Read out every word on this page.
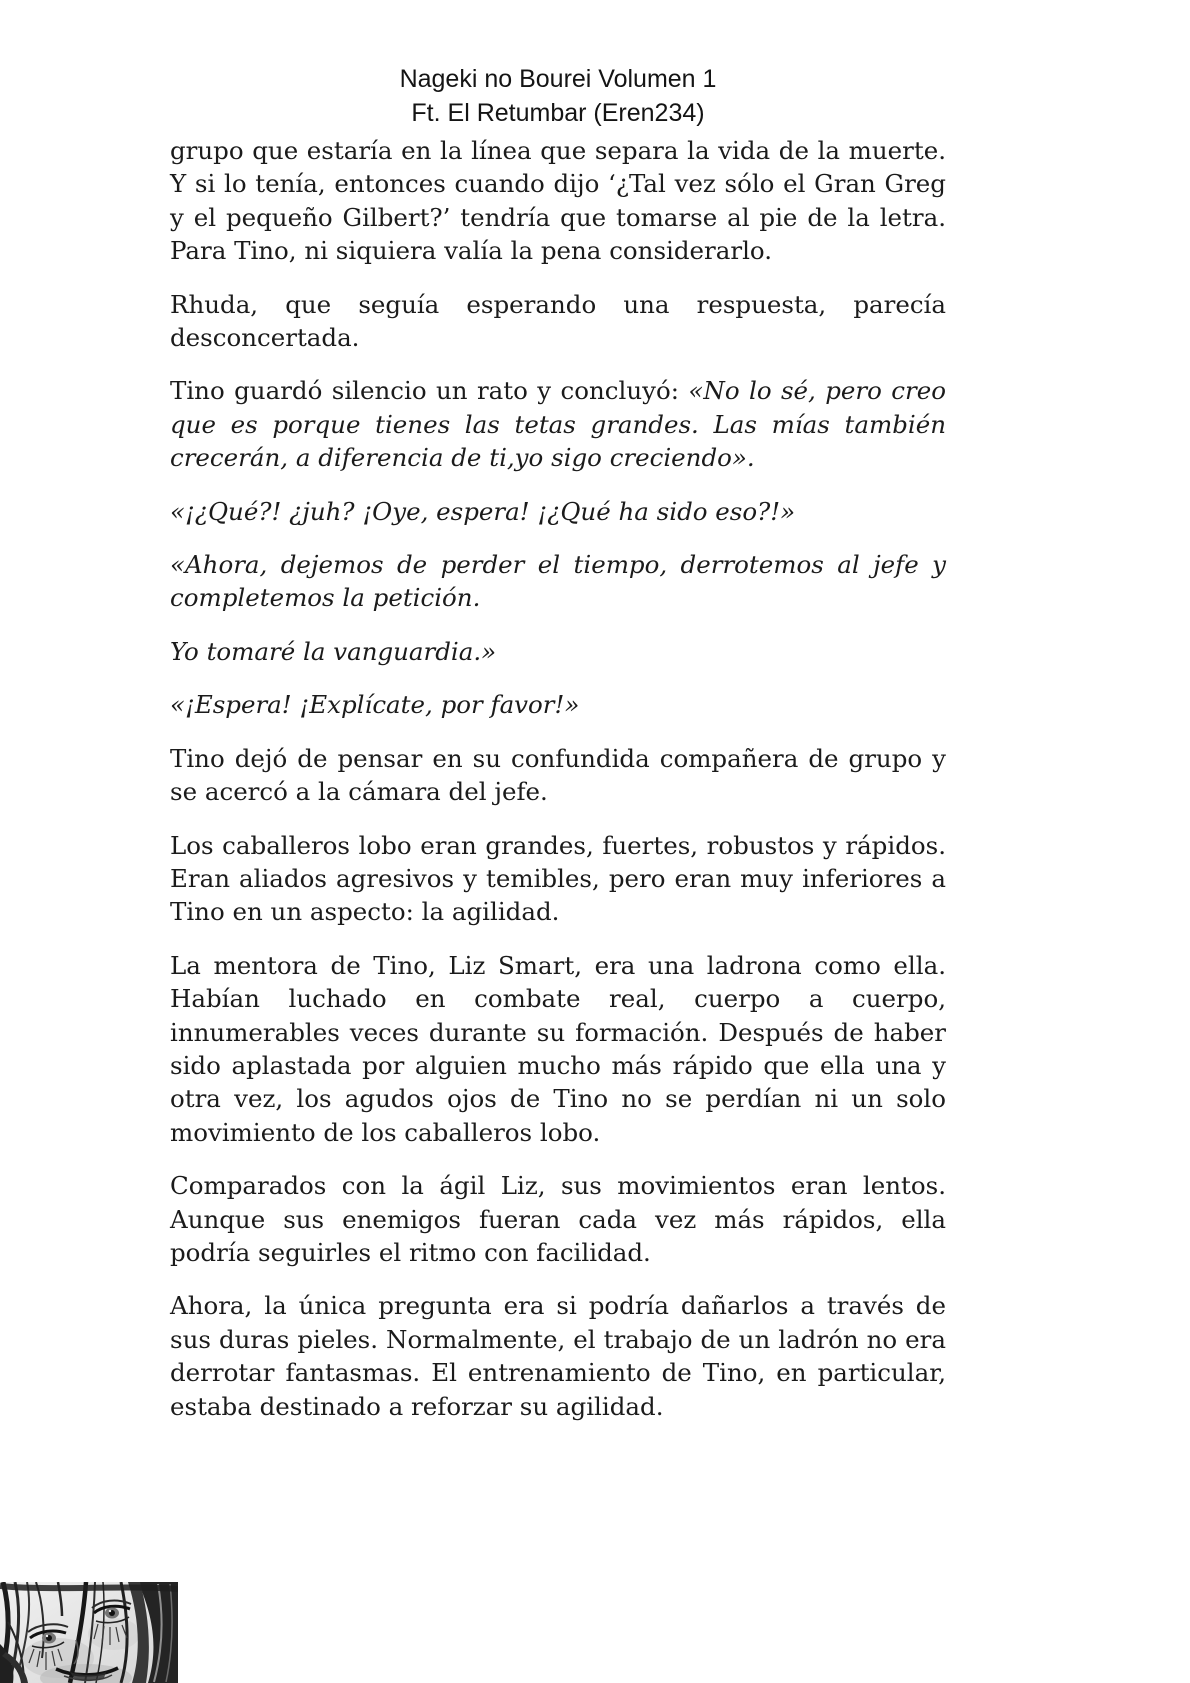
Nageki no Bourei Volumen 1
Ft. El Retumbar (Eren234)

grupo que estaría en la línea que separa la vida de la muerte. Y si lo tenía, entonces cuando dijo ‘¿Tal vez sólo el Gran Greg y el pequeño Gilbert?’ tendría que tomarse al pie de la letra. Para Tino, ni siquiera valía la pena considerarlo.

Rhuda, que seguía esperando una respuesta, parecía desconcertada.

Tino guardó silencio un rato y concluyó: «No lo sé, pero creo que es porque tienes las tetas grandes. Las mías también crecerán, a diferencia de ti,yo sigo creciendo».

«¡¿Qué?! ¿juh? ¡Oye, espera! ¡¿Qué ha sido eso?!»

«Ahora, dejemos de perder el tiempo, derrotemos al jefe y completemos la petición.

Yo tomaré la vanguardia.»

«¡Espera! ¡Explícate, por favor!»

Tino dejó de pensar en su confundida compañera de grupo y se acercó a la cámara del jefe.

Los caballeros lobo eran grandes, fuertes, robustos y rápidos. Eran aliados agresivos y temibles, pero eran muy inferiores a Tino en un aspecto: la agilidad.

La mentora de Tino, Liz Smart, era una ladrona como ella. Habían luchado en combate real, cuerpo a cuerpo, innumerables veces durante su formación. Después de haber sido aplastada por alguien mucho más rápido que ella una y otra vez, los agudos ojos de Tino no se perdían ni un solo movimiento de los caballeros lobo.

Comparados con la ágil Liz, sus movimientos eran lentos. Aunque sus enemigos fueran cada vez más rápidos, ella podría seguirles el ritmo con facilidad.

Ahora, la única pregunta era si podría dañarlos a través de sus duras pieles. Normalmente, el trabajo de un ladrón no era derrotar fantasmas. El entrenamiento de Tino, en particular, estaba destinado a reforzar su agilidad.
